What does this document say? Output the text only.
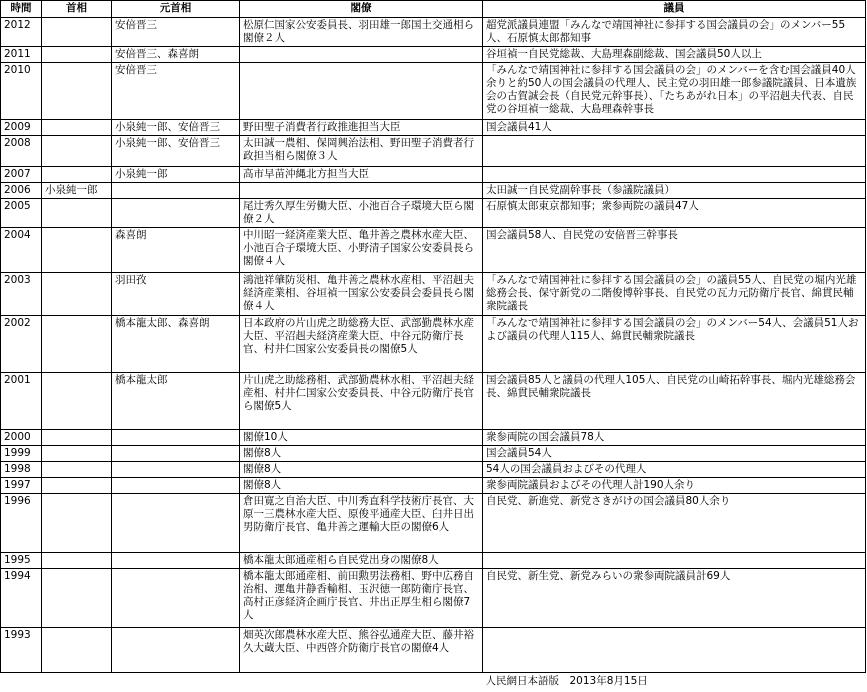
時間	首相	元首相	閣僚	議員
2012		安倍晋三	松原仁国家公安委員長、羽田雄一郎国土交通相ら閣僚２人	超党派議員連盟「みんなで靖国神社に参拝する国会議員の会」のメンバー55人、石原慎太郎都知事
2011		安倍晋三、森喜朗		谷垣禎一自民党総裁、大島理森副総裁、国会議員50人以上
2010		安倍晋三		「みんなで靖国神社に参拝する国会議員の会」のメンバーを含む国会議員40人余りと約50人の国会議員の代理人、民主党の羽田雄一郎参議院議員、日本遺族会の古賀誠会長（自民党元幹事長）、「たちあがれ日本」の平沼赳夫代表、自民党の谷垣禎一総裁、大島理森幹事長
2009		小泉純一郎、安倍晋三	野田聖子消費者行政推進担当大臣	国会議員41人
2008		小泉純一郎、安倍晋三	太田誠一農相、保岡興治法相、野田聖子消費者行政担当相ら閣僚３人	
2007		小泉純一郎	高市早苗沖縄北方担当大臣	
2006	小泉純一郎			太田誠一自民党副幹事長（参議院議員）
2005			尾辻秀久厚生労働大臣、小池百合子環境大臣ら閣僚２人	石原慎太郎東京都知事；衆参両院の議員47人
2004		森喜朗	中川昭一経済産業大臣、亀井善之農林水産大臣、小池百合子環境大臣、小野清子国家公安委員長ら閣僚４人	国会議員58人、自民党の安倍晋三幹事長
2003		羽田孜	鴻池祥肇防災相、亀井善之農林水産相、平沼赳夫経済産業相、谷垣禎一国家公安委員会委員長ら閣僚４人	「みんなで靖国神社に参拝する国会議員の会」の議員55人、自民党の堀内光雄総務会長、保守新党の二階俊博幹事長、自民党の瓦力元防衛庁長官、綿貫民輔衆院議長
2002		橋本龍太郎、森喜朗	日本政府の片山虎之助総務大臣、武部勤農林水産大臣、平沼赳夫経済産業大臣、中谷元防衛庁長官、村井仁国家公安委員長の閣僚5人	「みんなで靖国神社に参拝する国会議員の会」のメンバー54人、会議員51人および議員の代理人115人、綿貫民輔衆院議長
2001		橋本龍太郎	片山虎之助総務相、武部勤農林水相、平沼赳夫経産相、村井仁国家公安委員長、中谷元防衛庁長官ら閣僚5人	国会議員85人と議員の代理人105人、自民党の山崎拓幹事長、堀内光雄総務会長、綿貫民輔衆院議長
2000			閣僚10人	衆参両院の国会議員78人
1999			閣僚8人	国会議員54人
1998			閣僚8人	54人の国会議員およびその代理人
1997			閣僚8人	衆参両院議員およびその代理人計190人余り
1996			倉田寛之自治大臣、中川秀直科学技術庁長官、大原一三農林水産大臣、原俊平通産大臣、臼井日出男防衛庁長官、亀井善之運輸大臣の閣僚6人	自民党、新進党、新党さきがけの国会議員80人余り
1995			橋本龍太郎通産相ら自民党出身の閣僚8人	
1994			橋本龍太郎通産相、前田勲男法務相、野中広務自治相、運亀井静香輸相、玉沢徳一郎防衛庁長官、高村正彦経済企画庁長官、井出正厚生相ら閣僚7人	自民党、新生党、新党みらいの衆参両院議員計69人
1993			畑英次郎農林水産大臣、熊谷弘通産大臣、藤井裕久大蔵大臣、中西啓介防衛庁長官の閣僚4人	
				人民網日本語版　2013年8月15日
